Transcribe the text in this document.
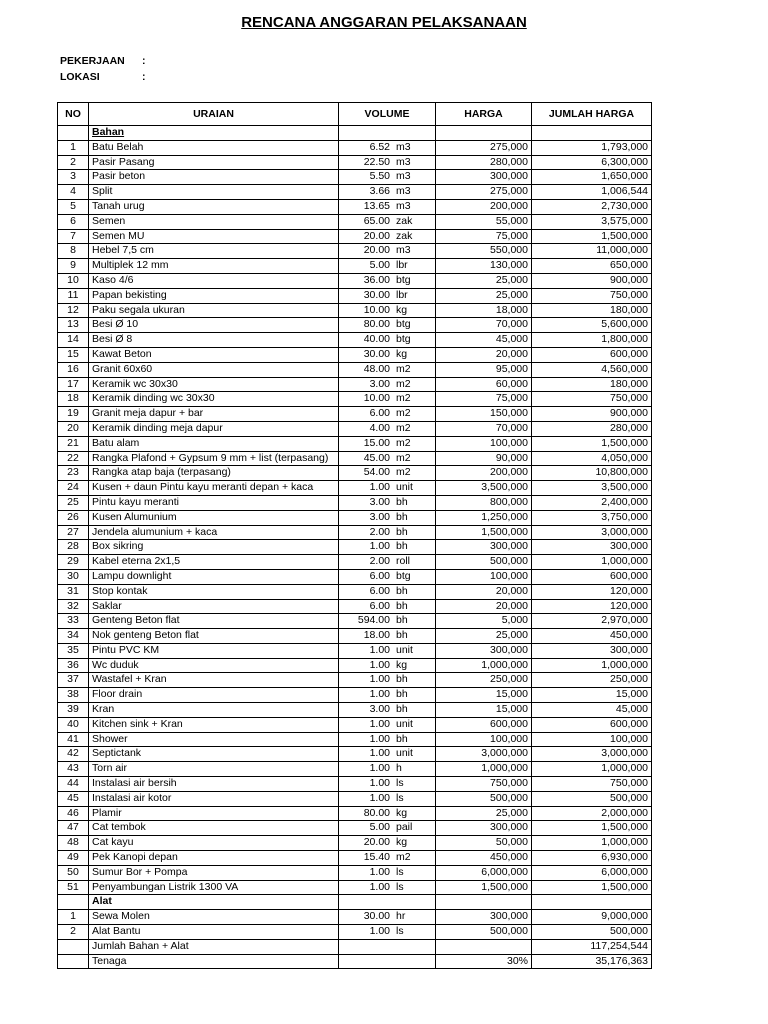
RENCANA ANGGARAN PELAKSANAAN
PEKERJAAN :
LOKASI	:
NO	URAIAN	VOLUME	HARGA	JUMLAH HARGA
	Bahan			
1	Batu Belah	6.52 m3	275,000	1,793,000
2	Pasir Pasang	22.50 m3	280,000	6,300,000
3	Pasir beton	5.50 m3	300,000	1,650,000
4	Split	3.66 m3	275,000	1,006,544
5	Tanah urug	13.65 m3	200,000	2,730,000
6	Semen	65.00 zak	55,000	3,575,000
7	Semen MU	20.00 zak	75,000	1,500,000
8	Hebel 7,5 cm	20.00 m3	550,000	11,000,000
9	Multiplek 12 mm	5.00 lbr	130,000	650,000
10	Kaso 4/6	36.00 btg	25,000	900,000
11	Papan bekisting	30.00 lbr	25,000	750,000
12	Paku segala ukuran	10.00 kg	18,000	180,000
13	Besi Ø 10	80.00 btg	70,000	5,600,000
14	Besi Ø 8	40.00 btg	45,000	1,800,000
15	Kawat Beton	30.00 kg	20,000	600,000
16	Granit 60x60	48.00 m2	95,000	4,560,000
17	Keramik wc 30x30	3.00 m2	60,000	180,000
18	Keramik dinding wc 30x30	10.00 m2	75,000	750,000
19	Granit meja dapur + bar	6.00 m2	150,000	900,000
20	Keramik dinding meja dapur	4.00 m2	70,000	280,000
21	Batu alam	15.00 m2	100,000	1,500,000
22	Rangka Plafond + Gypsum 9 mm + list (terpasang)	45.00 m2	90,000	4,050,000
23	Rangka atap baja (terpasang)	54.00 m2	200,000	10,800,000
24	Kusen + daun Pintu kayu meranti depan + kaca	1.00 unit	3,500,000	3,500,000
25	Pintu kayu meranti	3.00 bh	800,000	2,400,000
26	Kusen Alumunium	3.00 bh	1,250,000	3,750,000
27	Jendela alumunium + kaca	2.00 bh	1,500,000	3,000,000
28	Box sikring	1.00 bh	300,000	300,000
29	Kabel eterna 2x1,5	2.00 roll	500,000	1,000,000
30	Lampu downlight	6.00 btg	100,000	600,000
31	Stop kontak	6.00 bh	20,000	120,000
32	Saklar	6.00 bh	20,000	120,000
33	Genteng Beton flat	594.00 bh	5,000	2,970,000
34	Nok genteng Beton flat	18.00 bh	25,000	450,000
35	Pintu PVC KM	1.00 unit	300,000	300,000
36	Wc duduk	1.00 kg	1,000,000	1,000,000
37	Wastafel + Kran	1.00 bh	250,000	250,000
38	Floor drain	1.00 bh	15,000	15,000
39	Kran	3.00 bh	15,000	45,000
40	Kitchen sink + Kran	1.00 unit	600,000	600,000
41	Shower	1.00 bh	100,000	100,000
42	Septictank	1.00 unit	3,000,000	3,000,000
43	Torn air	1.00 h	1,000,000	1,000,000
44	Instalasi air bersih	1.00 ls	750,000	750,000
45	Instalasi air kotor	1.00 ls	500,000	500,000
46	Plamir	80.00 kg	25,000	2,000,000
47	Cat tembok	5.00 pail	300,000	1,500,000
48	Cat kayu	20.00 kg	50,000	1,000,000
49	Pek Kanopi depan	15.40 m2	450,000	6,930,000
50	Sumur Bor + Pompa	1.00 ls	6,000,000	6,000,000
51	Penyambungan Listrik 1300 VA	1.00 ls	1,500,000	1,500,000
	Alat			
1	Sewa Molen	30.00 hr	300,000	9,000,000
2	Alat Bantu	1.00 ls	500,000	500,000
	Jumlah Bahan + Alat			117,254,544
	Tenaga		30%	35,176,363
